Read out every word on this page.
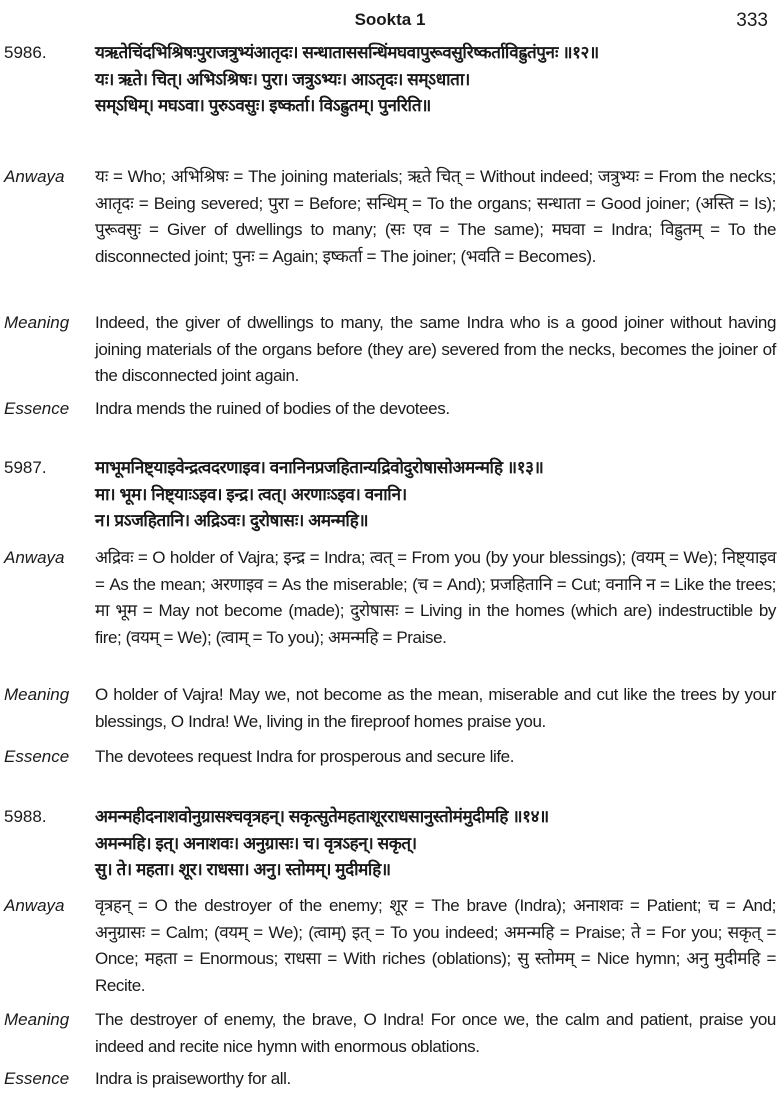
Sookta 1	333
5986.	यऋतेचिंदभिश्रिषःपुराजत्रुभ्यंआतृदः। सन्धाताससन्धिंमघवापुरूवसुरिष्कर्ताविह्रुतंपुनः ॥१२॥
यः। ऋते। चित्। अभिऽश्रिषः। पुरा। जत्रुऽभ्यः। आऽतृदः। सम्ऽधाता।
सम्ऽधिम्। मघऽवा। पुरुऽवसुः। इष्कर्ता। विऽह्रुतम्। पुनरिति॥
Anwaya	यः = Who; अभिश्रिषः = The joining materials; ऋते चित् = Without indeed; जत्रुभ्यः = From the necks; आतृदः = Being severed; पुरा = Before; सन्धिम् = To the organs; सन्धाता = Good joiner; (अस्ति = Is); पुरूवसुः = Giver of dwellings to many; (सः एव = The same); मघवा = Indra; विह्रुतम् = To the disconnected joint; पुनः = Again; इष्कर्ता = The joiner; (भवति = Becomes).
Meaning	Indeed, the giver of dwellings to many, the same Indra who is a good joiner without having joining materials of the organs before (they are) severed from the necks, becomes the joiner of the disconnected joint again.
Essence	Indra mends the ruined of bodies of the devotees.
5987.	माभूमनिष्ट्याइवेन्द्रत्वदरणाइव। वनानिनप्रजहितान्यद्रिवोदुरोषासोअमन्महि ॥१३॥
मा। भूम। निष्ट्याःऽइव। इन्द्र। त्वत्। अरणाःऽइव। वनानि।
न। प्रऽजहितानि। अद्रिऽवः। दुरोषासः। अमन्महि॥
Anwaya	अद्रिवः = O holder of Vajra; इन्द्र = Indra; त्वत् = From you (by your blessings); (वयम् = We); निष्ट्याइव = As the mean; अरणाइव = As the miserable; (च = And); प्रजहितानि = Cut; वनानि न = Like the trees; मा भूम = May not become (made); दुरोषासः = Living in the homes (which are) indestructible by fire; (वयम् = We); (त्वाम् = To you); अमन्महि = Praise.
Meaning	O holder of Vajra! May we, not become as the mean, miserable and cut like the trees by your blessings, O Indra! We, living in the fireproof homes praise you.
Essence	The devotees request Indra for prosperous and secure life.
5988.	अमन्महीदनाशवोनुग्रासश्चवृत्रहन्। सकृत्सुतेमहताशूरराधसानुस्तोमंमुदीमहि ॥१४॥
अमन्महि। इत्। अनाशवः। अनुग्रासः। च। वृत्रऽहन्। सकृत्।
सु। ते। महता। शूर। राधसा। अनु। स्तोमम्। मुदीमहि॥
Anwaya	वृत्रहन् = O the destroyer of the enemy; शूर = The brave (Indra); अनाशवः = Patient; च = And; अनुग्रासः = Calm; (वयम् = We); (त्वाम्) इत् = To you indeed; अमन्महि = Praise; ते = For you; सकृत् = Once; महता = Enormous; राधसा = With riches (oblations); सु स्तोमम् = Nice hymn; अनु मुदीमहि = Recite.
Meaning	The destroyer of enemy, the brave, O Indra! For once we, the calm and patient, praise you indeed and recite nice hymn with enormous oblations.
Essence	Indra is praiseworthy for all.
